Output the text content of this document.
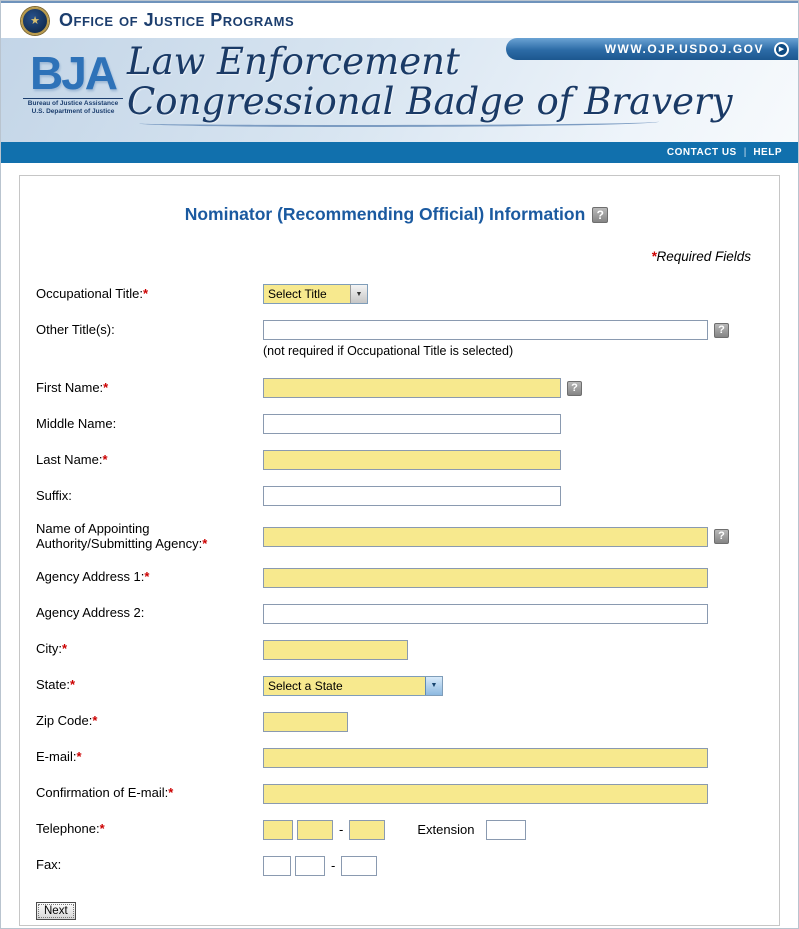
★ Office of Justice Programs
WWW.OJP.USDOJ.GOV	▶
BJA
Bureau of Justice Assistance
U.S. Department of Justice
Law Enforcement
Congressional Badge of Bravery
CONTACT US | HELP
Nominator (Recommending Official) Information ?
*Required Fields
Occupational Title:*	Select Title	▼
Other Title(s):	?
(not required if Occupational Title is selected)
First Name:*	?
Middle Name:
Last Name:*
Suffix:
Name of Appointing Authority/Submitting Agency:*	?
Agency Address 1:*
Agency Address 2:
City:*
State:*	Select a State	▼
Zip Code:*
E-mail:*
Confirmation of E-mail:*
Telephone:*	-	Extension
Fax:	-
Next
